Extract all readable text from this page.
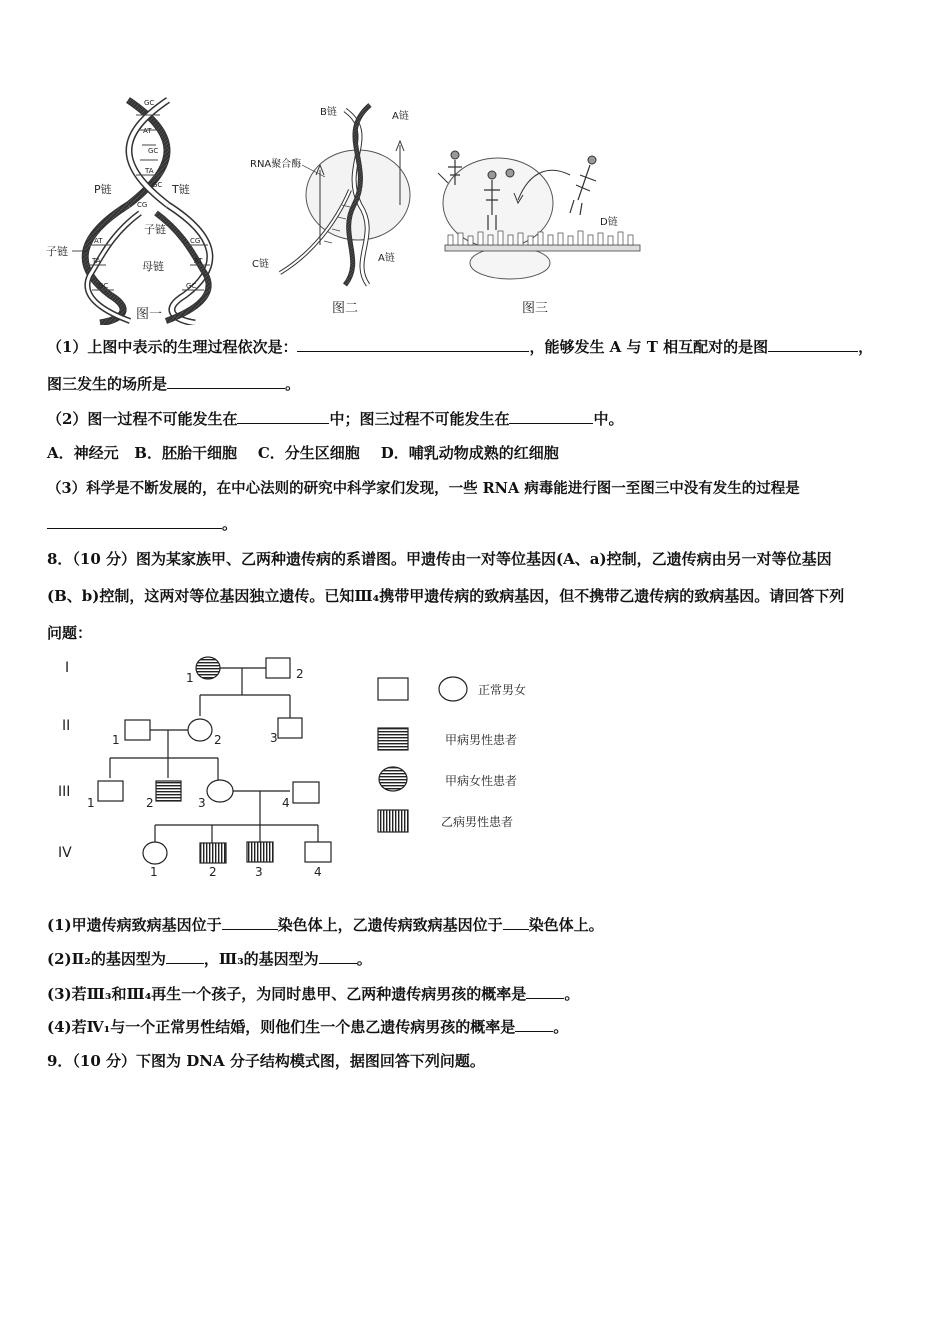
GC
AT
GC
TA
GC
CG
AT
TA
GC
CG
AT
GC
P链	T链
子链
子链
母链
图一
B链	A链
RNA聚合酶
C链
A链
图二
D链
图三
（1）上图中表示的生理过程依次是：	，能够发生 A 与 T 相互配对的是图	，
图三发生的场所是	。
（2）图一过程不可能发生在	中；图三过程不可能发生在	中。
A．神经元   B．胚胎干细胞    C．分生区细胞    D．哺乳动物成熟的红细胞
（3）科学是不断发展的，在中心法则的研究中科学家们发现，一些 RNA 病毒能进行图一至图三中没有发生的过程是
。
8．（10 分）图为某家族甲、乙两种遗传病的系谱图。甲遗传由一对等位基因(A、a)控制，乙遗传病由另一对等位基因
(B、b)控制，这两对等位基因独立遗传。已知Ⅲ₄携带甲遗传病的致病基因，但不携带乙遗传病的致病基因。请回答下列
问题：
I
II
III
IV
1	2
1	2	3
1	2	3	4
1	2	3	4
正常男女
甲病男性患者
甲病女性患者
乙病男性患者
(1)甲遗传病致病基因位于	染色体上，乙遗传病致病基因位于 染色体上。
(2)Ⅱ₂的基因型为	，Ⅲ₃的基因型为	。
(3)若Ⅲ₃和Ⅲ₄再生一个孩子，为同时患甲、乙两种遗传病男孩的概率是	。
(4)若Ⅳ₁与一个正常男性结婚，则他们生一个患乙遗传病男孩的概率是	。
9．（10 分）下图为 DNA 分子结构模式图，据图回答下列问题。
